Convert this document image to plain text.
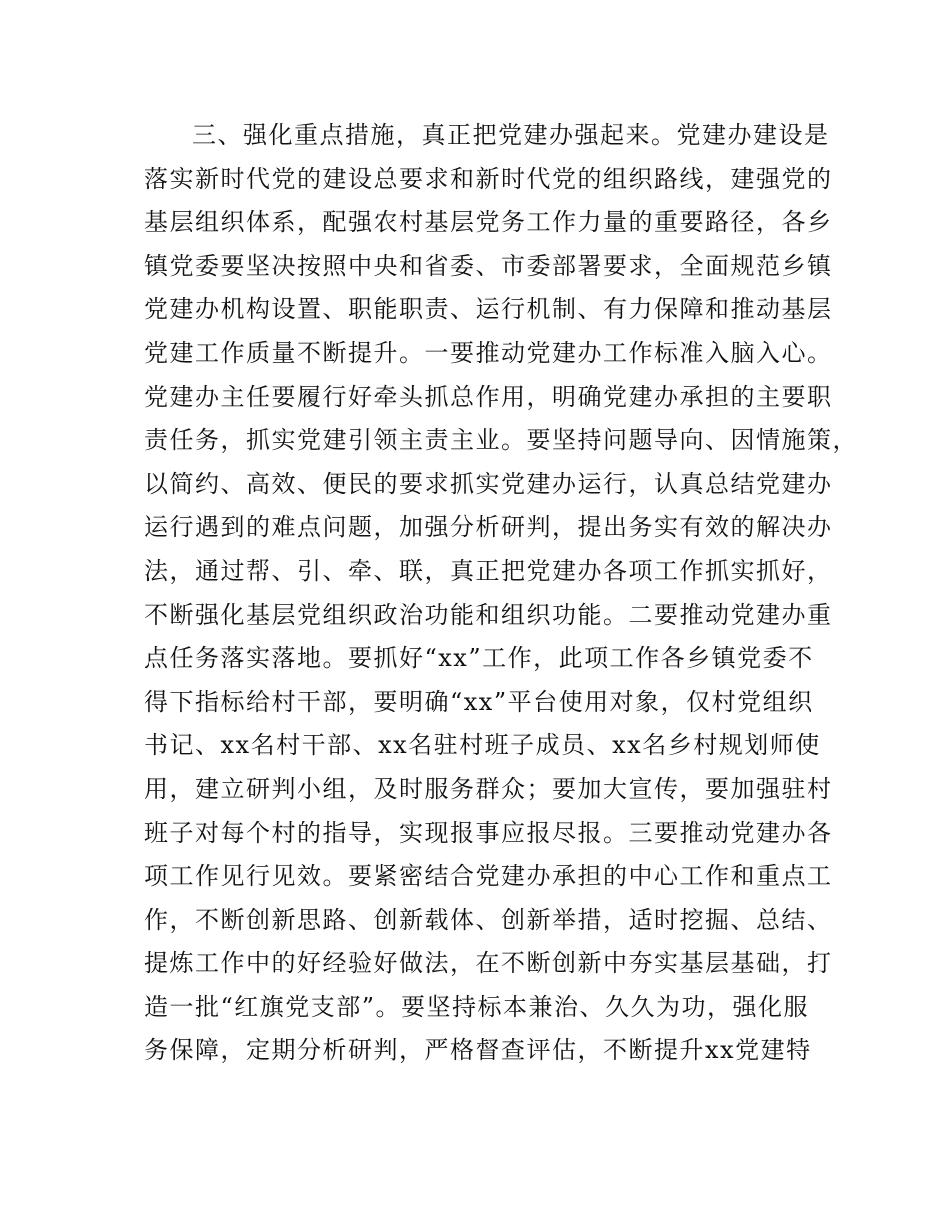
三、强化重点措施，真正把党建办强起来。党建办建设是
落实新时代党的建设总要求和新时代党的组织路线，建强党的
基层组织体系，配强农村基层党务工作力量的重要路径，各乡
镇党委要坚决按照中央和省委、市委部署要求，全面规范乡镇
党建办机构设置、职能职责、运行机制、有力保障和推动基层
党建工作质量不断提升。一要推动党建办工作标准入脑入心。
党建办主任要履行好牵头抓总作用，明确党建办承担的主要职
责任务，抓实党建引领主责主业。要坚持问题导向、因情施策，
以简约、高效、便民的要求抓实党建办运行，认真总结党建办
运行遇到的难点问题，加强分析研判，提出务实有效的解决办
法，通过帮、引、牵、联，真正把党建办各项工作抓实抓好，
不断强化基层党组织政治功能和组织功能。二要推动党建办重
点任务落实落地。要抓好“xx”工作，此项工作各乡镇党委不
得下指标给村干部，要明确“xx”平台使用对象，仅村党组织
书记、xx名村干部、xx名驻村班子成员、xx名乡村规划师使
用，建立研判小组，及时服务群众；要加大宣传，要加强驻村
班子对每个村的指导，实现报事应报尽报。三要推动党建办各
项工作见行见效。要紧密结合党建办承担的中心工作和重点工
作，不断创新思路、创新载体、创新举措，适时挖掘、总结、
提炼工作中的好经验好做法，在不断创新中夯实基层基础，打
造一批“红旗党支部”。要坚持标本兼治、久久为功，强化服
务保障，定期分析研判，严格督查评估，不断提升xx党建特
